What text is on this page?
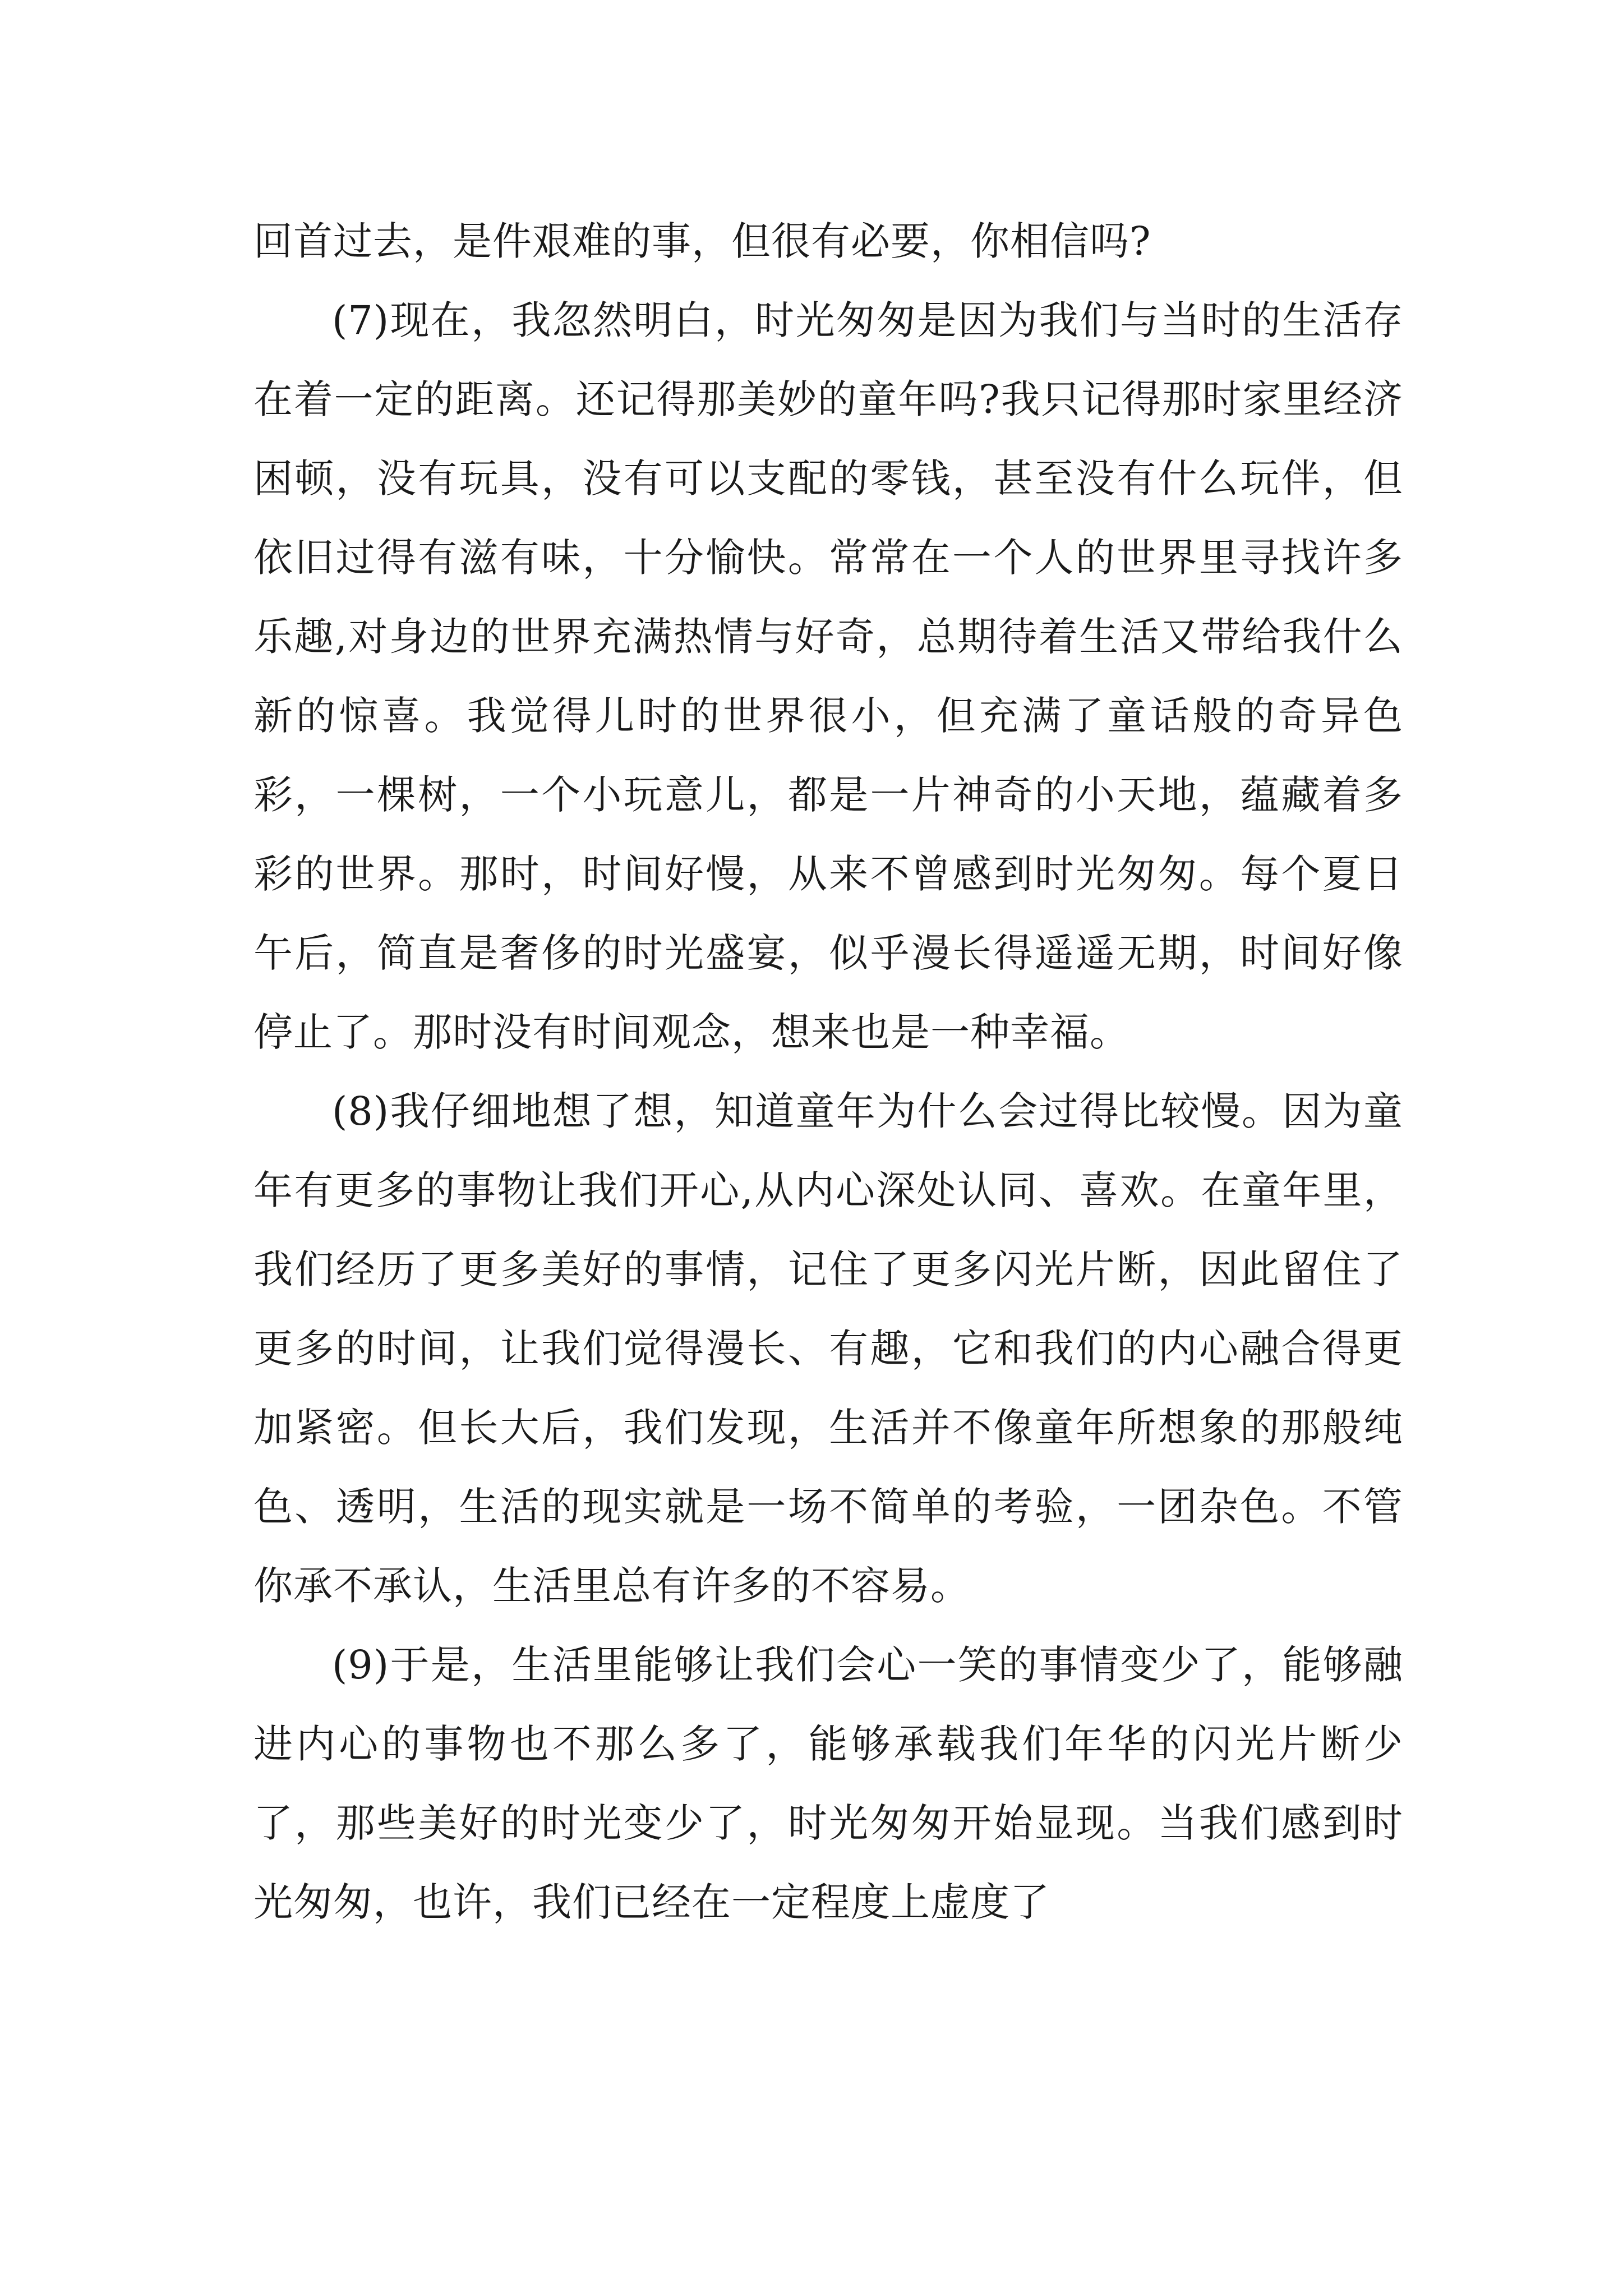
回首过去，是件艰难的事，但很有必要，你相信吗?

(7)现在，我忽然明白，时光匆匆是因为我们与当时的生活存在着一定的距离。还记得那美妙的童年吗?我只记得那时家里经济困顿，没有玩具，没有可以支配的零钱，甚至没有什么玩伴，但依旧过得有滋有味，十分愉快。常常在一个人的世界里寻找许多乐趣,对身边的世界充满热情与好奇，总期待着生活又带给我什么新的惊喜。我觉得儿时的世界很小，但充满了童话般的奇异色彩，一棵树，一个小玩意儿，都是一片神奇的小天地，蕴藏着多彩的世界。那时，时间好慢，从来不曾感到时光匆匆。每个夏日午后，简直是奢侈的时光盛宴，似乎漫长得遥遥无期，时间好像停止了。那时没有时间观念，想来也是一种幸福。

(8)我仔细地想了想，知道童年为什么会过得比较慢。因为童年有更多的事物让我们开心,从内心深处认同、喜欢。在童年里，我们经历了更多美好的事情，记住了更多闪光片断，因此留住了更多的时间，让我们觉得漫长、有趣，它和我们的内心融合得更加紧密。但长大后，我们发现，生活并不像童年所想象的那般纯色、透明，生活的现实就是一场不简单的考验，一团杂色。不管你承不承认，生活里总有许多的不容易。

(9)于是，生活里能够让我们会心一笑的事情变少了，能够融进内心的事物也不那么多了，能够承载我们年华的闪光片断少了，那些美好的时光变少了，时光匆匆开始显现。当我们感到时光匆匆，也许，我们已经在一定程度上虚度了
